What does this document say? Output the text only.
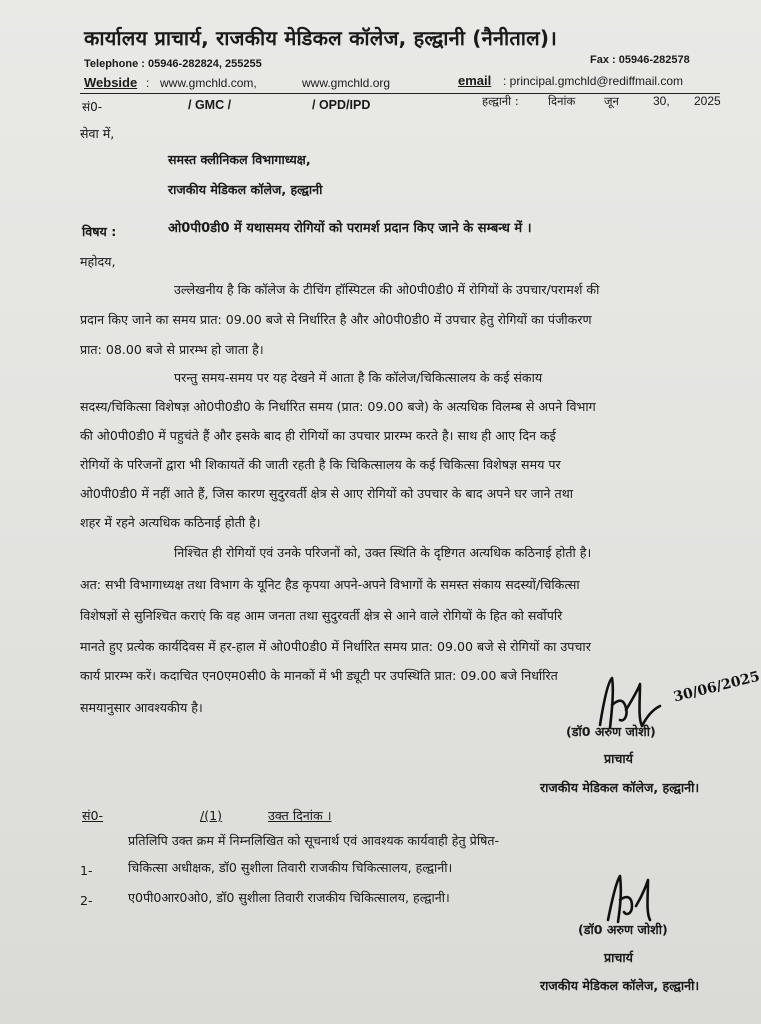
कार्यालय प्राचार्य, राजकीय मेडिकल कॉलेज, हल्द्वानी (नैनीताल)।
Telephone : 05946-282824, 255255	Fax : 05946-282578
Webside : www.gmchld.com,	www.gmchld.org	email : principal.gmchld@rediffmail.com
सं0-	/ GMC /	/ OPD/IPD	हल्द्वानी :	दिनांक जून	30, 2025
सेवा में,
समस्त क्लीनिकल विभागाध्यक्ष,
राजकीय मेडिकल कॉलेज, हल्द्वानी
विषय :	ओ0पी0डी0 में यथासमय रोगियों को परामर्श प्रदान किए जाने के सम्बन्ध में ।
महोदय,
उल्लेखनीय है कि कॉलेज के टीचिंग हॉस्पिटल की ओ0पी0डी0 में रोगियों के उपचार/परामर्श की
प्रदान किए जाने का समय प्रात: 09.00 बजे से निर्धारित है और ओ0पी0डी0 में उपचार हेतु रोगियों का पंजीकरण
प्रात: 08.00 बजे से प्रारम्भ हो जाता है।
परन्तु समय-समय पर यह देखने में आता है कि कॉलेज/चिकित्सालय के कई संकाय
सदस्य/चिकित्सा विशेषज्ञ ओ0पी0डी0 के निर्धारित समय (प्रात: 09.00 बजे) के अत्यधिक विलम्ब से अपने विभाग
की ओ0पी0डी0 में पहुचंते हैं और इसके बाद ही रोगियों का उपचार प्रारम्भ करते है। साथ ही आए दिन कई
रोगियों के परिजनों द्वारा भी शिकायतें की जाती रहती है कि चिकित्सालय के कई चिकित्सा विशेषज्ञ समय पर
ओ0पी0डी0 में नहीं आते हैं, जिस कारण सुदुरवर्ती क्षेत्र से आए रोगियों को उपचार के बाद अपने घर जाने तथा
शहर में रहने अत्यधिक कठिनाई होती है।
निश्चित ही रोगियों एवं उनके परिजनों को, उक्त स्थिति के दृष्टिगत अत्यधिक कठिनाई होती है।
अत: सभी विभागाध्यक्ष तथा विभाग के यूनिट हैड कृपया अपने-अपने विभागों के समस्त संकाय सदस्यों/चिकित्सा
विशेषज्ञों से सुनिश्चित कराएं कि वह आम जनता तथा सुदुरवर्ती क्षेत्र से आने वाले रोगियों के हित को सर्वोपरि
मानते हुए प्रत्येक कार्यदिवस में हर-हाल में ओ0पी0डी0 में निर्धारित समय प्रात: 09.00 बजे से रोगियों का उपचार
कार्य प्रारम्भ करें। कदाचित एन0एम0सी0 के मानकों में भी ड्यूटी पर उपस्थिति प्रात: 09.00 बजे निर्धारित
समयानुसार आवश्यकीय है।
30/06/2025
(डॉ0 अरुण जोशी)
प्राचार्य
राजकीय मेडिकल कॉलेज, हल्द्वानी।
सं0-	/(1)	उक्त दिनांक ।
प्रतिलिपि उक्त क्रम में निम्नलिखित को सूचनार्थ एवं आवश्यक कार्यवाही हेतु प्रेषित-
1-	चिकित्सा अधीक्षक, डॉ0 सुशीला तिवारी राजकीय चिकित्सालय, हल्द्वानी।
2-	ए0पी0आर0ओ0, डॉ0 सुशीला तिवारी राजकीय चिकित्सालय, हल्द्वानी।
(डॉ0 अरुण जोशी)
प्राचार्य
राजकीय मेडिकल कॉलेज, हल्द्वानी।
